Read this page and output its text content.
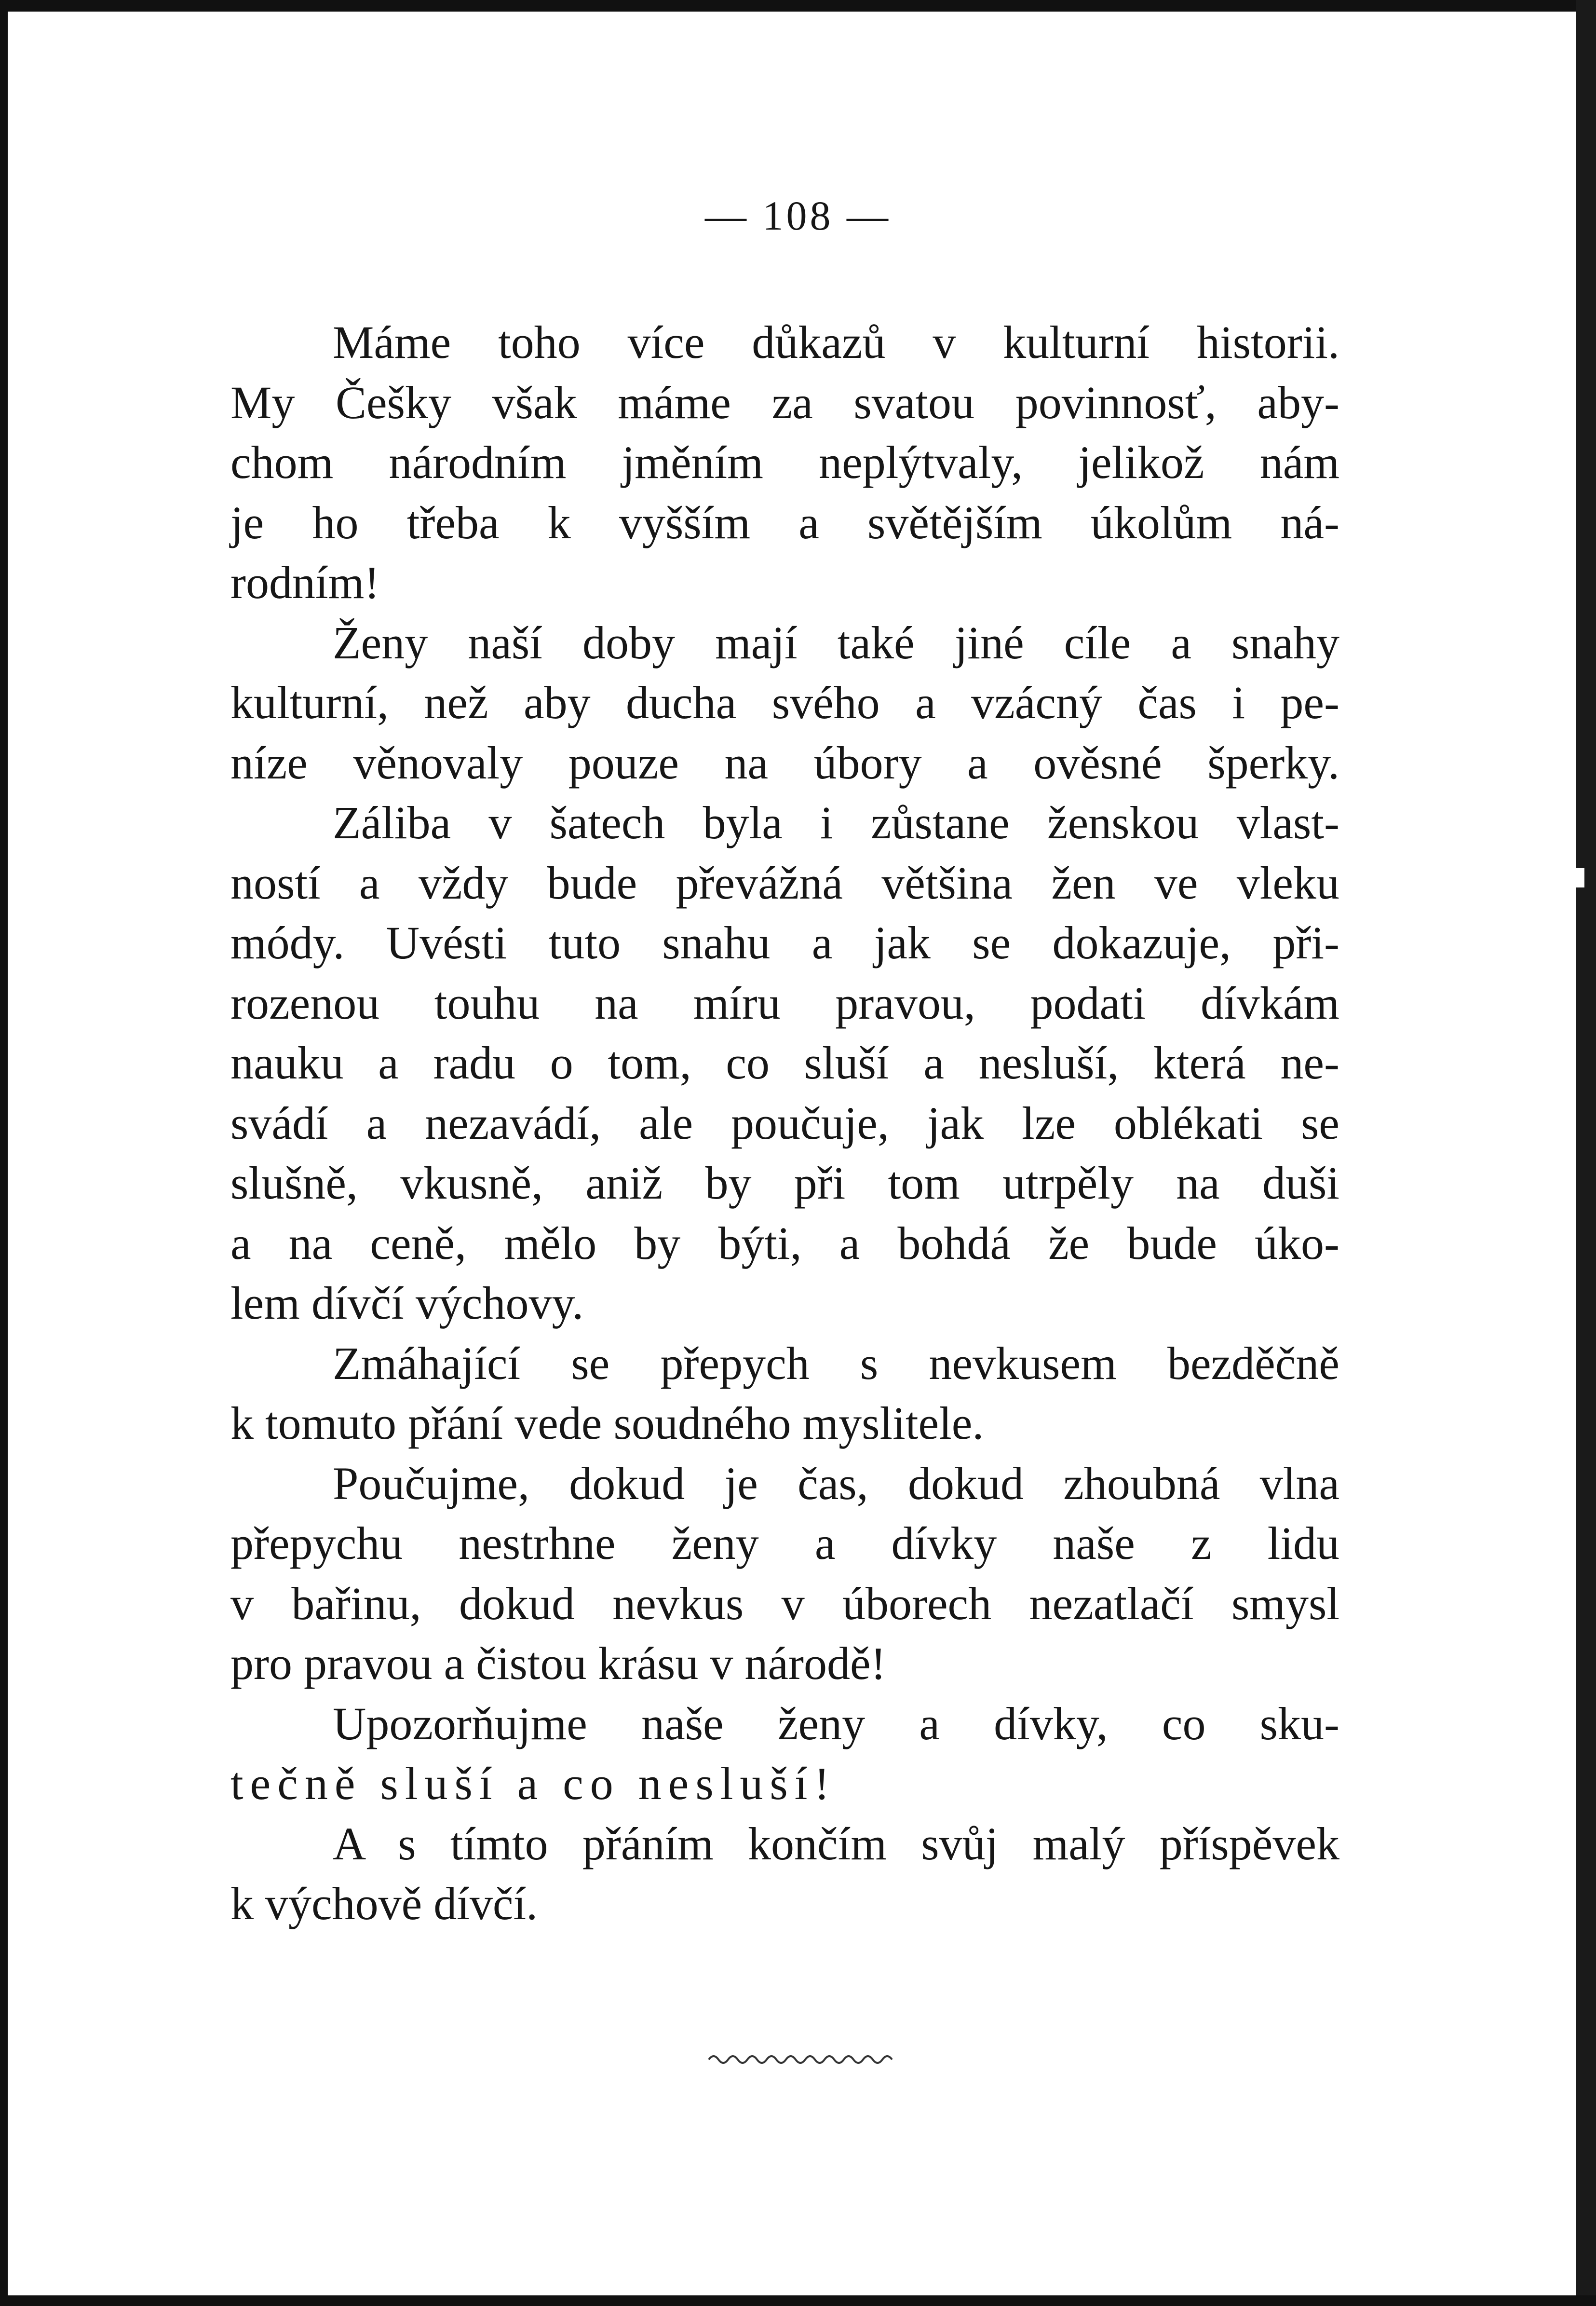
— 108 —
Máme toho více důkazů v kulturní historii.
My Češky však máme za svatou povinnosť, aby-
chom národním jměním neplýtvaly, jelikož nám
je ho třeba k vyšším a světějším úkolům ná-
rodním!
Ženy naší doby mají také jiné cíle a snahy
kulturní, než aby ducha svého a vzácný čas i pe-
níze věnovaly pouze na úbory a ověsné šperky.
Záliba v šatech byla i zůstane ženskou vlast-
ností a vždy bude převážná většina žen ve vleku
módy. Uvésti tuto snahu a jak se dokazuje, při-
rozenou touhu na míru pravou, podati dívkám
nauku a radu o tom, co sluší a nesluší, která ne-
svádí a nezavádí, ale poučuje, jak lze oblékati se
slušně, vkusně, aniž by při tom utrpěly na duši
a na ceně, mělo by býti, a bohdá že bude úko-
lem dívčí výchovy.
Zmáhající se přepych s nevkusem bezděčně
k tomuto přání vede soudného myslitele.
Poučujme, dokud je čas, dokud zhoubná vlna
přepychu nestrhne ženy a dívky naše z lidu
v bařinu, dokud nevkus v úborech nezatlačí smysl
pro pravou a čistou krásu v národě!
Upozorňujme naše ženy a dívky, co sku-
tečně sluší a co nesluší!
A s tímto přáním končím svůj malý příspěvek
k výchově dívčí.
